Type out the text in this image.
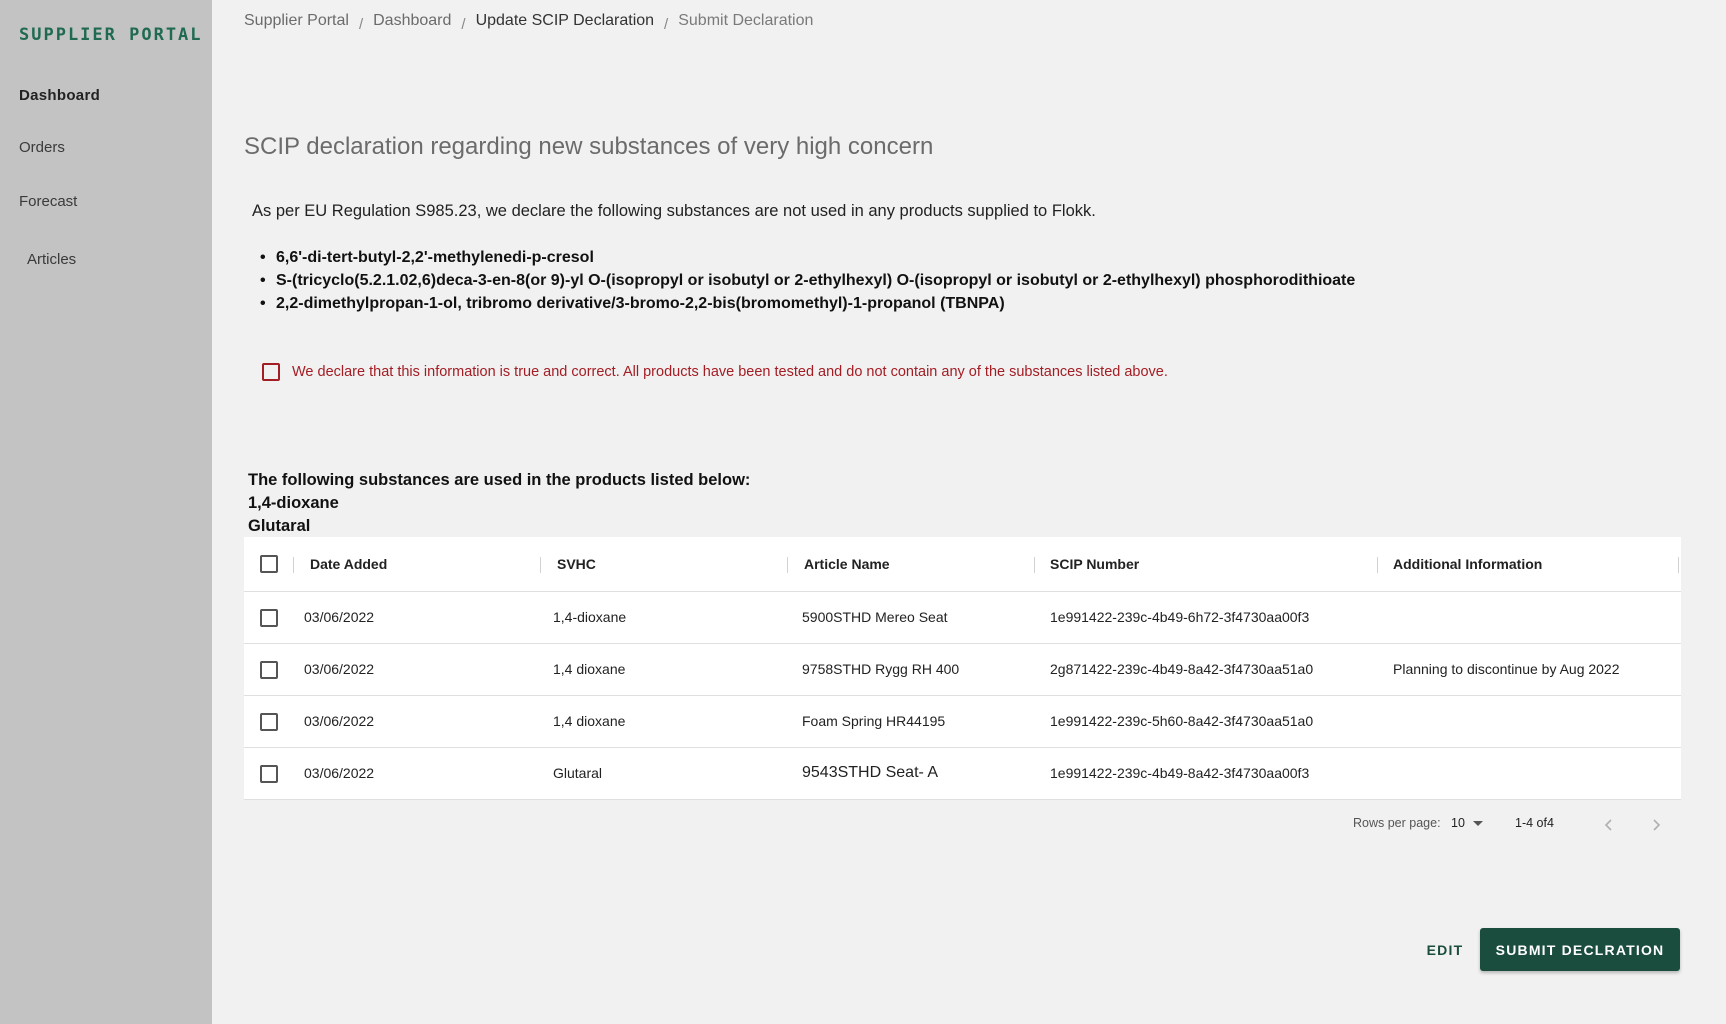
SUPPLIER PORTAL
Dashboard
Orders
Forecast
Articles
Supplier Portal / Dashboard / Update SCIP Declaration / Submit Declaration
SCIP declaration regarding new substances of very high concern

As per EU Regulation S985.23, we declare the following substances are not used in any products supplied to Flokk.

• 6,6'-di-tert-butyl-2,2'-methylenedi-p-cresol
• S-(tricyclo(5.2.1.02,6)deca-3-en-8(or 9)-yl O-(isopropyl or isobutyl or 2-ethylhexyl) O-(isopropyl or isobutyl or 2-ethylhexyl) phosphorodithioate
• 2,2-dimethylpropan-1-ol, tribromo derivative/3-bromo-2,2-bis(bromomethyl)-1-propanol (TBNPA)
We declare that this information is true and correct. All products have been tested and do not contain any of the substances listed above.
The following substances are used in the products listed below:
1,4-dioxane
Glutaral
Date Added	SVHC	Article Name	SCIP Number	Additional Information
03/06/2022	1,4-dioxane	5900STHD Mereo Seat	1e991422-239c-4b49-6h72-3f4730aa00f3
03/06/2022	1,4 dioxane	9758STHD Rygg RH 400	2g871422-239c-4b49-8a42-3f4730aa51a0	Planning to discontinue by Aug 2022
03/06/2022	1,4 dioxane	Foam Spring HR44195	1e991422-239c-5h60-8a42-3f4730aa51a0
03/06/2022	Glutaral	9543STHD Seat- A	1e991422-239c-4b49-8a42-3f4730aa00f3
Rows per page: 10	1-4 of4
EDIT	SUBMIT DECLRATION
